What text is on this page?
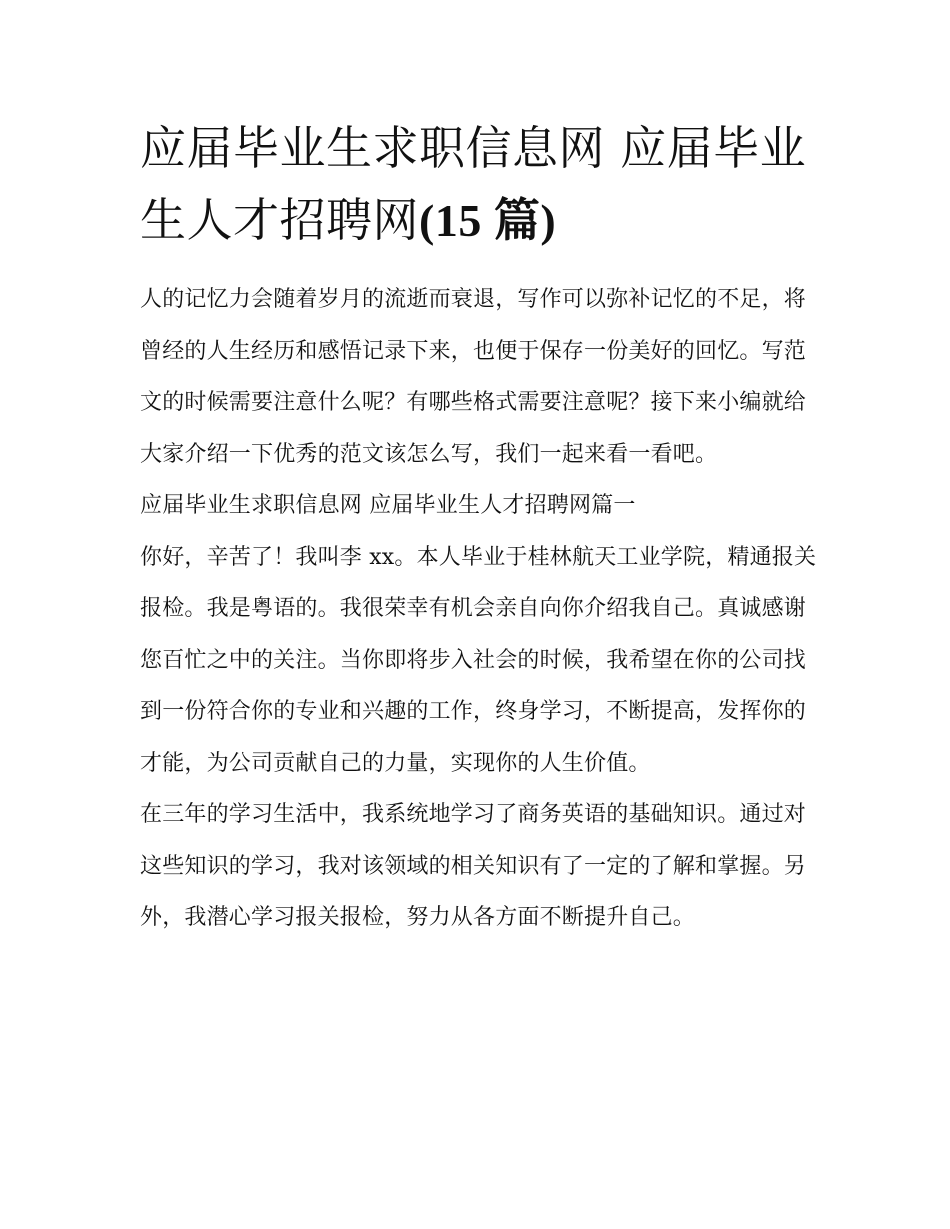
应届毕业生求职信息网 应届毕业生人才招聘网(15 篇)

人的记忆力会随着岁月的流逝而衰退，写作可以弥补记忆的不足，将曾经的人生经历和感悟记录下来，也便于保存一份美好的回忆。写范文的时候需要注意什么呢？有哪些格式需要注意呢？接下来小编就给大家介绍一下优秀的范文该怎么写，我们一起来看一看吧。

应届毕业生求职信息网 应届毕业生人才招聘网篇一

你好，辛苦了！我叫李 xx。本人毕业于桂林航天工业学院，精通报关报检。我是粤语的。我很荣幸有机会亲自向你介绍我自己。真诚感谢您百忙之中的关注。当你即将步入社会的时候，我希望在你的公司找到一份符合你的专业和兴趣的工作，终身学习，不断提高，发挥你的才能，为公司贡献自己的力量，实现你的人生价值。

在三年的学习生活中，我系统地学习了商务英语的基础知识。通过对这些知识的学习，我对该领域的相关知识有了一定的了解和掌握。另外，我潜心学习报关报检，努力从各方面不断提升自己。
